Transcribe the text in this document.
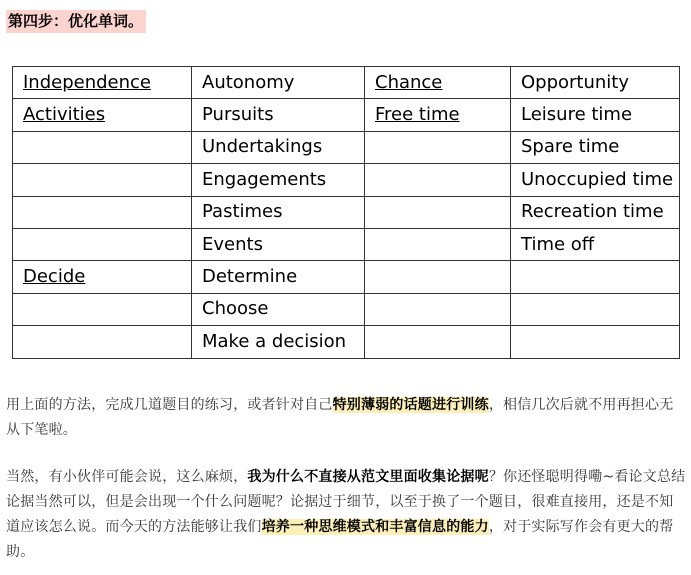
第四步：优化单词。
Independence	Autonomy	Chance	Opportunity
Activities	Pursuits	Free time	Leisure time
	Undertakings		Spare time
	Engagements		Unoccupied time
	Pastimes		Recreation time
	Events		Time off
Decide	Determine		
	Choose		
	Make a decision		

用上面的方法，完成几道题目的练习，或者针对自己特别薄弱的话题进行训练，相信几次后就不用再担心无从下笔啦。

当然，有小伙伴可能会说，这么麻烦，我为什么不直接从范文里面收集论据呢？你还怪聪明得嘞~看论文总结论据当然可以，但是会出现一个什么问题呢？论据过于细节，以至于换了一个题目，很难直接用，还是不知道应该怎么说。而今天的方法能够让我们培养一种思维模式和丰富信息的能力，对于实际写作会有更大的帮助。
